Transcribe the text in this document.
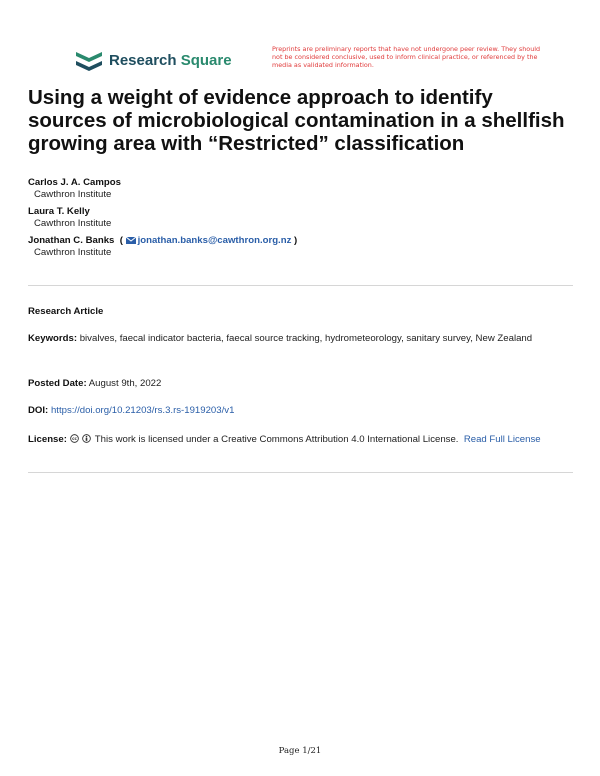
Research Square
Preprints are preliminary reports that have not undergone peer review. They should not be considered conclusive, used to inform clinical practice, or referenced by the media as validated information.
Using a weight of evidence approach to identify sources of microbiological contamination in a shellfish growing area with “Restricted” classification
Carlos J. A. Campos
Cawthron Institute
Laura T. Kelly
Cawthron Institute
Jonathan C. Banks  ( jonathan.banks@cawthron.org.nz )
Cawthron Institute
Research Article
Keywords: bivalves, faecal indicator bacteria, faecal source tracking, hydrometeorology, sanitary survey, New Zealand
Posted Date: August 9th, 2022
DOI: https://doi.org/10.21203/rs.3.rs-1919203/v1
License: cc This work is licensed under a Creative Commons Attribution 4.0 International License. Read Full License
Page 1/21
